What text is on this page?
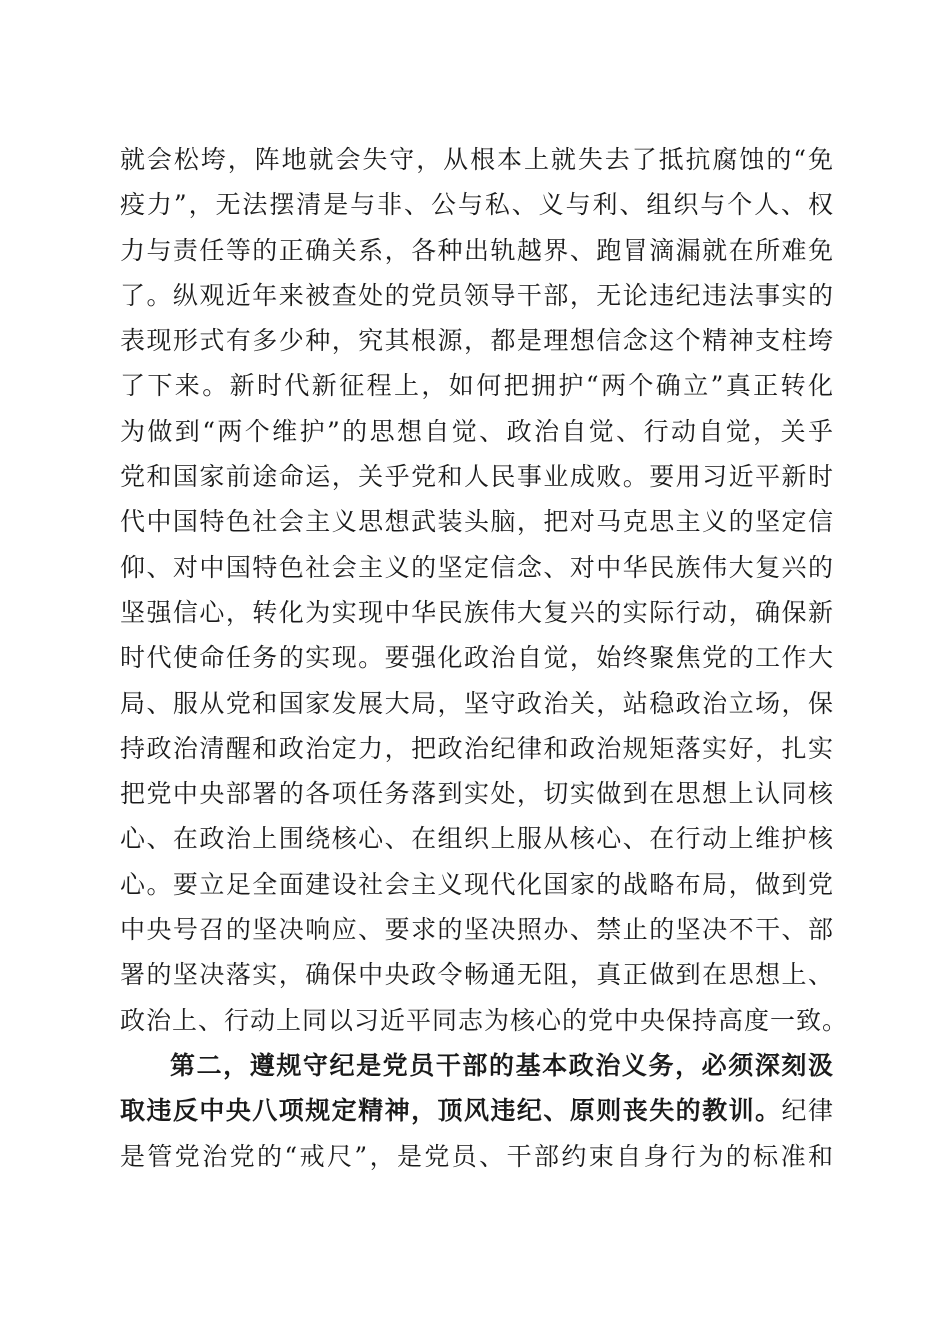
就会松垮，阵地就会失守，从根本上就失去了抵抗腐蚀的“免
疫力”，无法摆清是与非、公与私、义与利、组织与个人、权
力与责任等的正确关系，各种出轨越界、跑冒滴漏就在所难免
了。纵观近年来被查处的党员领导干部，无论违纪违法事实的
表现形式有多少种，究其根源，都是理想信念这个精神支柱垮
了下来。新时代新征程上，如何把拥护“两个确立”真正转化
为做到“两个维护”的思想自觉、政治自觉、行动自觉，关乎
党和国家前途命运，关乎党和人民事业成败。要用习近平新时
代中国特色社会主义思想武装头脑，把对马克思主义的坚定信
仰、对中国特色社会主义的坚定信念、对中华民族伟大复兴的
坚强信心，转化为实现中华民族伟大复兴的实际行动，确保新
时代使命任务的实现。要强化政治自觉，始终聚焦党的工作大
局、服从党和国家发展大局，坚守政治关，站稳政治立场，保
持政治清醒和政治定力，把政治纪律和政治规矩落实好，扎实
把党中央部署的各项任务落到实处，切实做到在思想上认同核
心、在政治上围绕核心、在组织上服从核心、在行动上维护核
心。要立足全面建设社会主义现代化国家的战略布局，做到党
中央号召的坚决响应、要求的坚决照办、禁止的坚决不干、部
署的坚决落实，确保中央政令畅通无阻，真正做到在思想上、
政治上、行动上同以习近平同志为核心的党中央保持高度一致。
第二，遵规守纪是党员干部的基本政治义务，必须深刻汲
取违反中央八项规定精神，顶风违纪、原则丧失的教训。纪律
是管党治党的“戒尺”，是党员、干部约束自身行为的标准和
